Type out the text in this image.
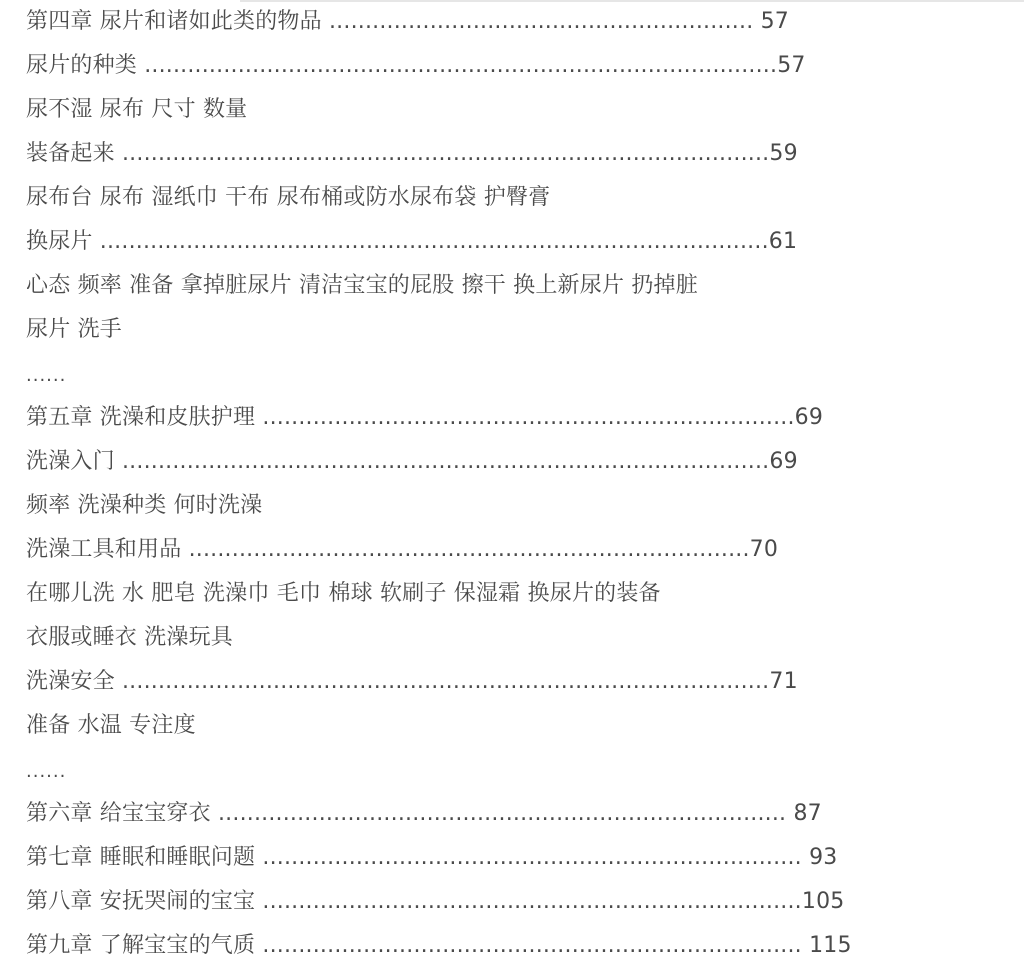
第四章 尿片和诸如此类的物品 ........................................................... 57
尿片的种类 ........................................................................................57
尿不湿 尿布 尺寸 数量
装备起来 ..........................................................................................59
尿布台 尿布 湿纸巾 干布 尿布桶或防水尿布袋 护臀膏
换尿片 .............................................................................................61
心态 频率 准备 拿掉脏尿片 清洁宝宝的屁股 擦干 换上新尿片 扔掉脏
尿片 洗手
......
第五章 洗澡和皮肤护理 ..........................................................................69
洗澡入门 ..........................................................................................69
频率 洗澡种类 何时洗澡
洗澡工具和用品 ..............................................................................70
在哪儿洗 水 肥皂 洗澡巾 毛巾 棉球 软刷子 保湿霜 换尿片的装备
衣服或睡衣 洗澡玩具
洗澡安全 ..........................................................................................71
准备 水温 专注度
......
第六章 给宝宝穿衣 ............................................................................... 87
第七章 睡眠和睡眠问题 ........................................................................... 93
第八章 安抚哭闹的宝宝 ...........................................................................105
第九章 了解宝宝的气质 ........................................................................... 115
